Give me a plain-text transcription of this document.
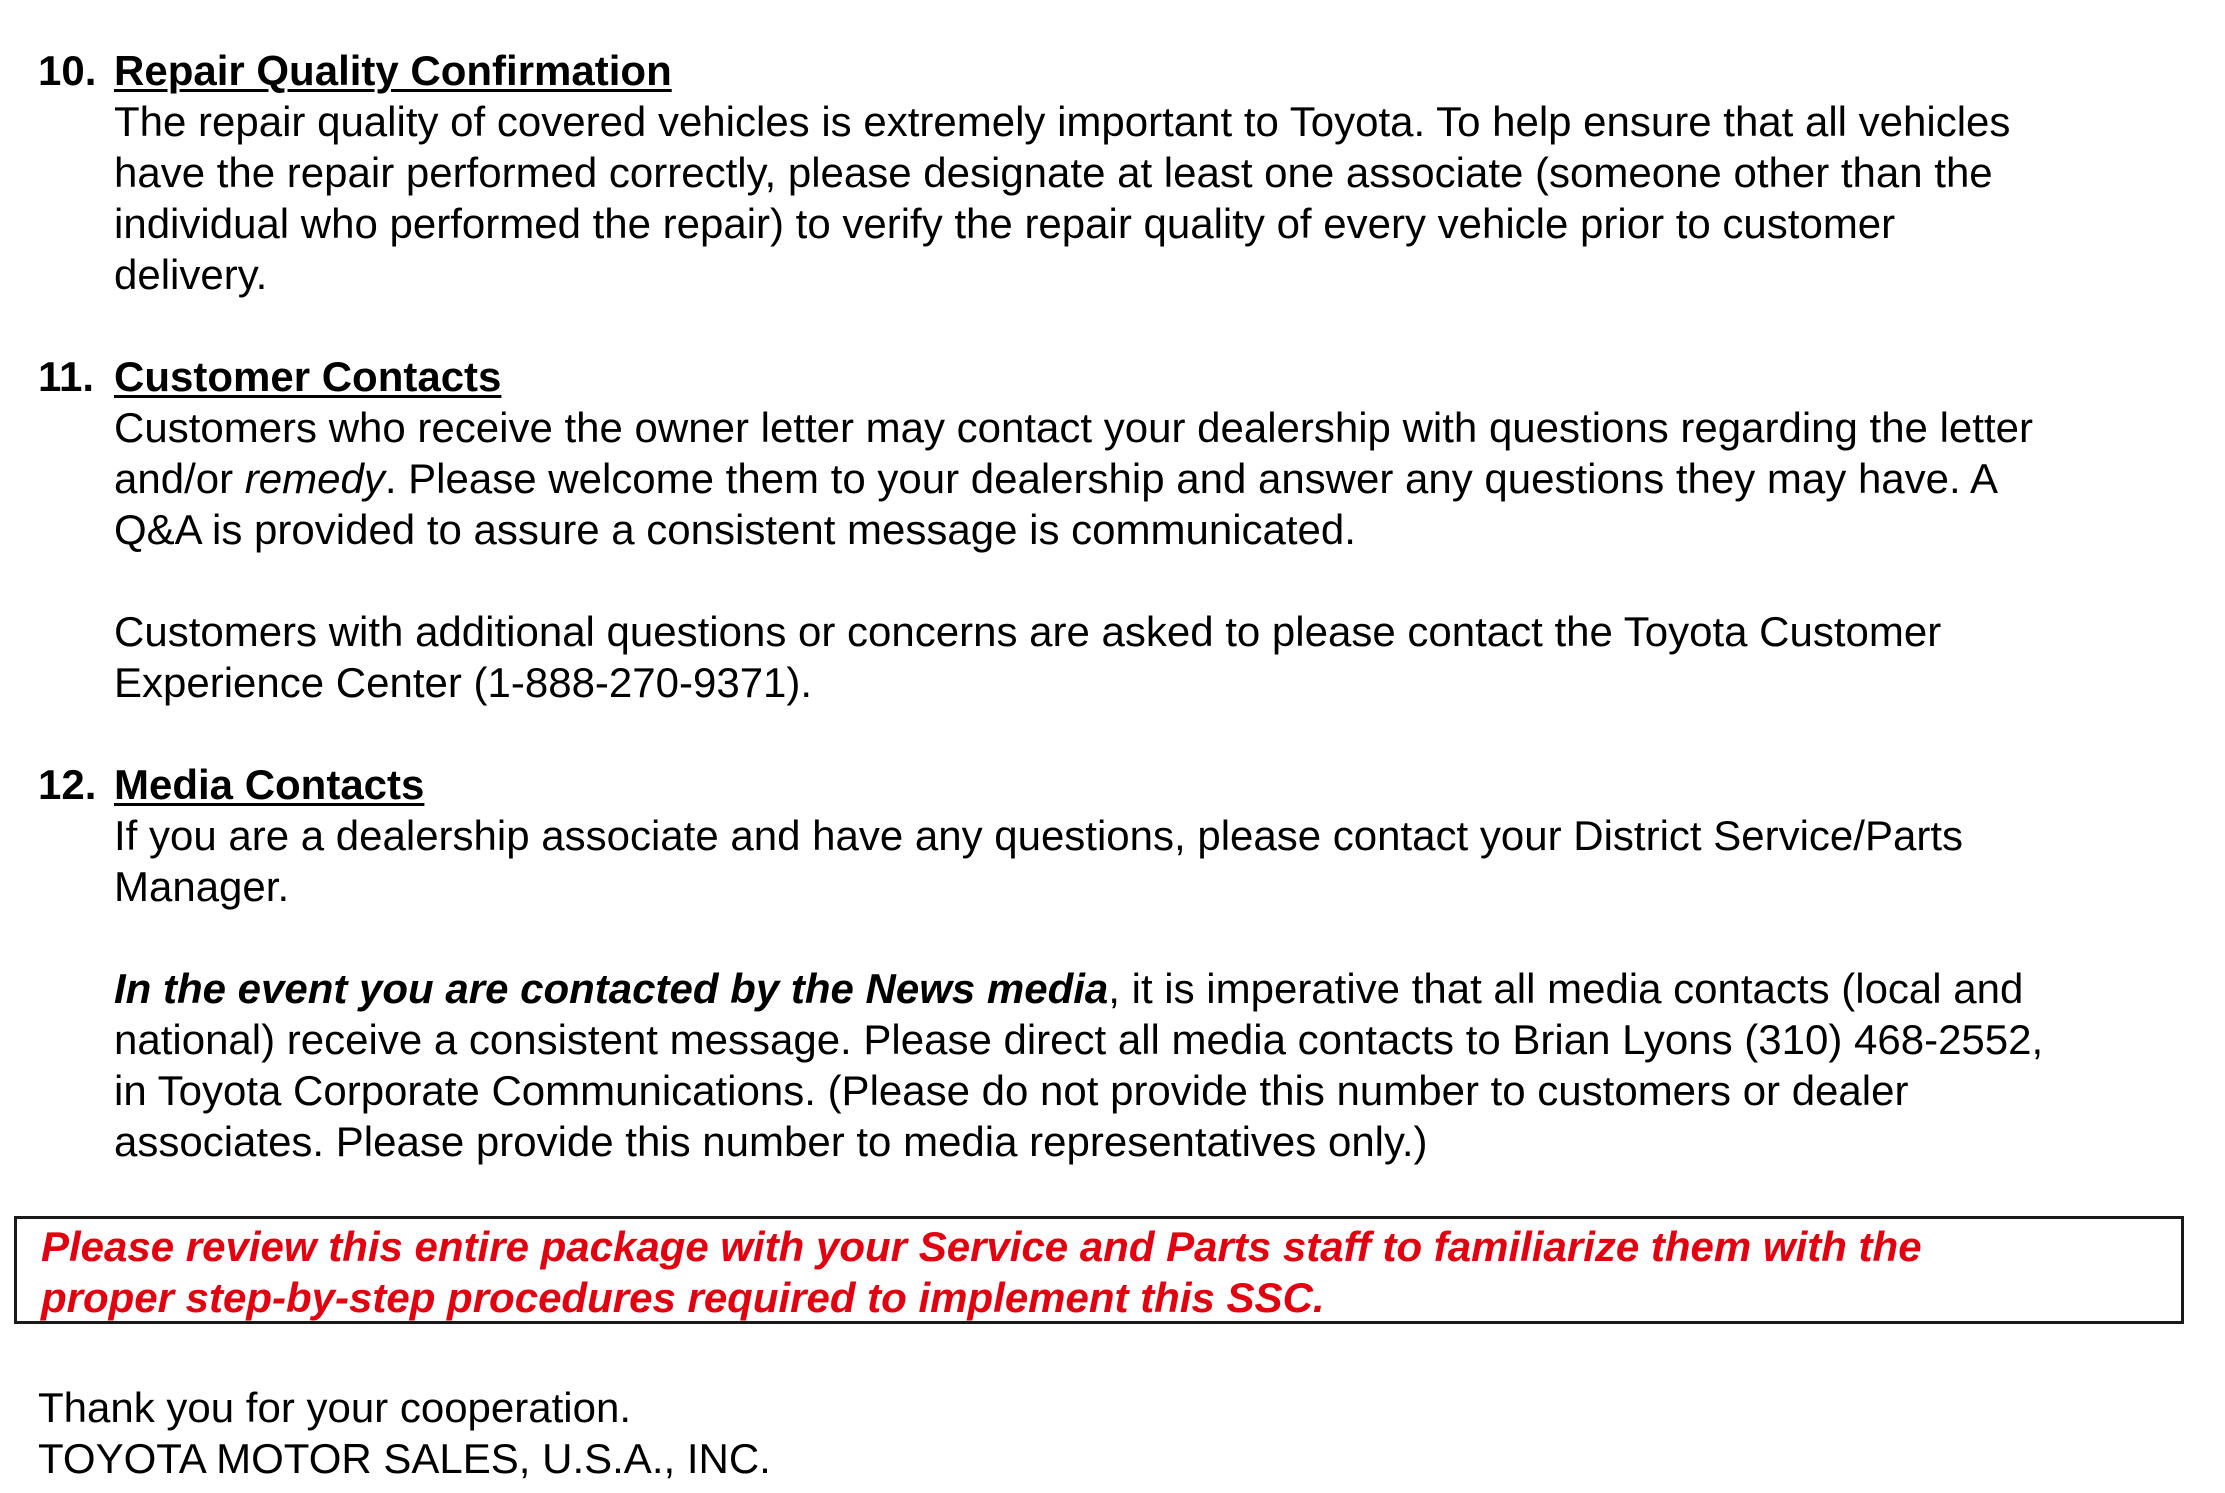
10. Repair Quality Confirmation

The repair quality of covered vehicles is extremely important to Toyota. To help ensure that all vehicles
have the repair performed correctly, please designate at least one associate (someone other than the
individual who performed the repair) to verify the repair quality of every vehicle prior to customer
delivery.

11. Customer Contacts

Customers who receive the owner letter may contact your dealership with questions regarding the letter
and/or remedy. Please welcome them to your dealership and answer any questions they may have. A
Q&A is provided to assure a consistent message is communicated.

Customers with additional questions or concerns are asked to please contact the Toyota Customer
Experience Center (1-888-270-9371).

12. Media Contacts

If you are a dealership associate and have any questions, please contact your District Service/Parts
Manager.

In the event you are contacted by the News media, it is imperative that all media contacts (local and
national) receive a consistent message. Please direct all media contacts to Brian Lyons (310) 468-2552,
in Toyota Corporate Communications. (Please do not provide this number to customers or dealer
associates. Please provide this number to media representatives only.)

Please review this entire package with your Service and Parts staff to familiarize them with the
proper step-by-step procedures required to implement this SSC.
Thank you for your cooperation.
TOYOTA MOTOR SALES, U.S.A., INC.
